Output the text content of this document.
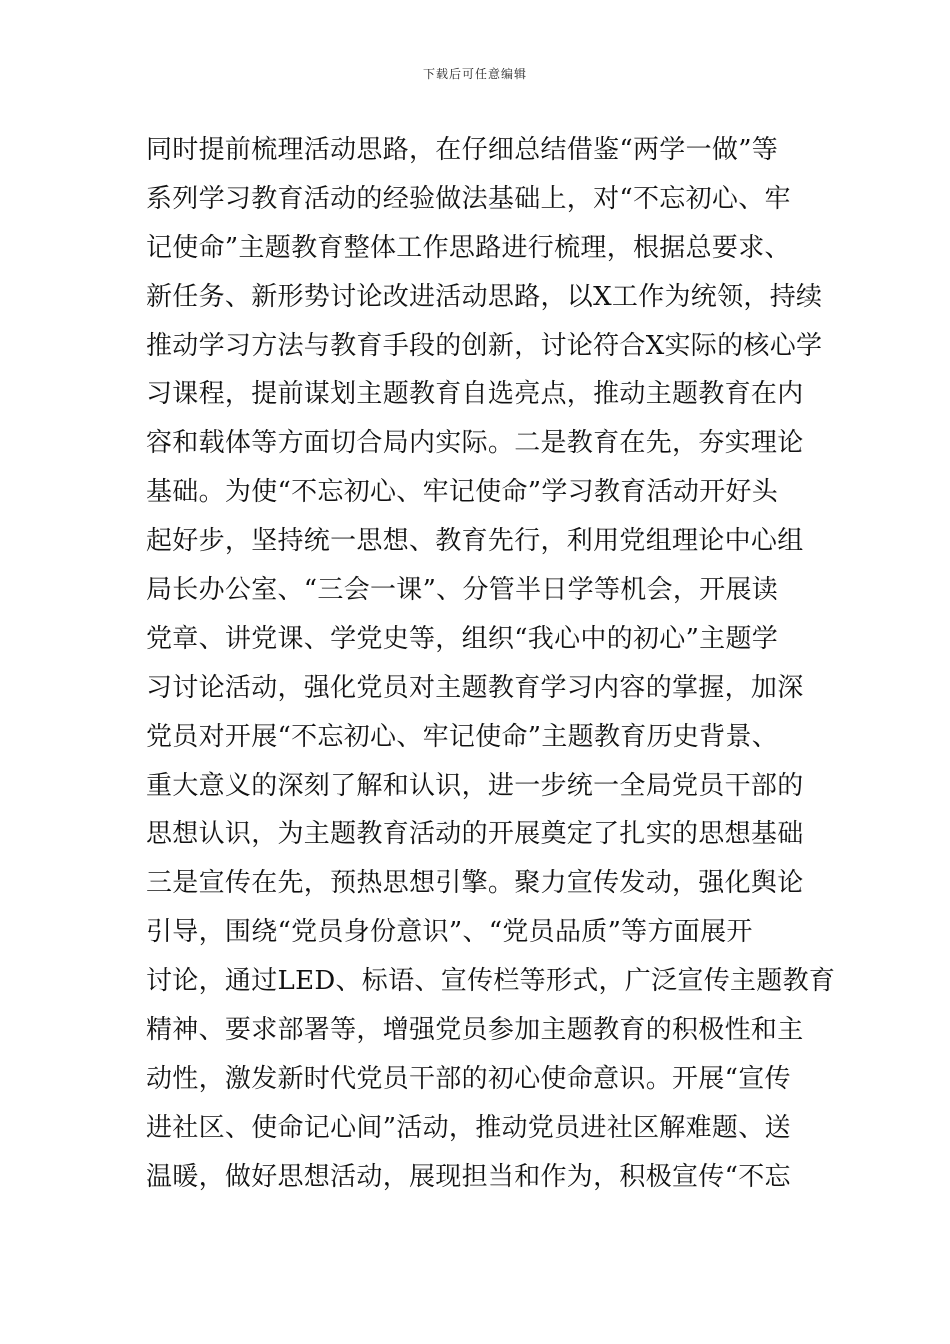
下载后可任意编辑
同时提前梳理活动思路，在仔细总结借鉴“两学一做”等
系列学习教育活动的经验做法基础上，对“不忘初心、牢
记使命”主题教育整体工作思路进行梳理，根据总要求、
新任务、新形势讨论改进活动思路，以X工作为统领，持续
推动学习方法与教育手段的创新，讨论符合X实际的核心学
习课程，提前谋划主题教育自选亮点，推动主题教育在内
容和载体等方面切合局内实际。二是教育在先，夯实理论
基础。为使“不忘初心、牢记使命”学习教育活动开好头
起好步，坚持统一思想、教育先行，利用党组理论中心组
局长办公室、“三会一课”、分管半日学等机会，开展读
党章、讲党课、学党史等，组织“我心中的初心”主题学
习讨论活动，强化党员对主题教育学习内容的掌握，加深
党员对开展“不忘初心、牢记使命”主题教育历史背景、
重大意义的深刻了解和认识，进一步统一全局党员干部的
思想认识，为主题教育活动的开展奠定了扎实的思想基础
三是宣传在先，预热思想引擎。聚力宣传发动，强化舆论
引导，围绕“党员身份意识”、“党员品质”等方面展开
讨论，通过LED、标语、宣传栏等形式，广泛宣传主题教育
精神、要求部署等，增强党员参加主题教育的积极性和主
动性，激发新时代党员干部的初心使命意识。开展“宣传
进社区、使命记心间”活动，推动党员进社区解难题、送
温暖，做好思想活动，展现担当和作为，积极宣传“不忘
